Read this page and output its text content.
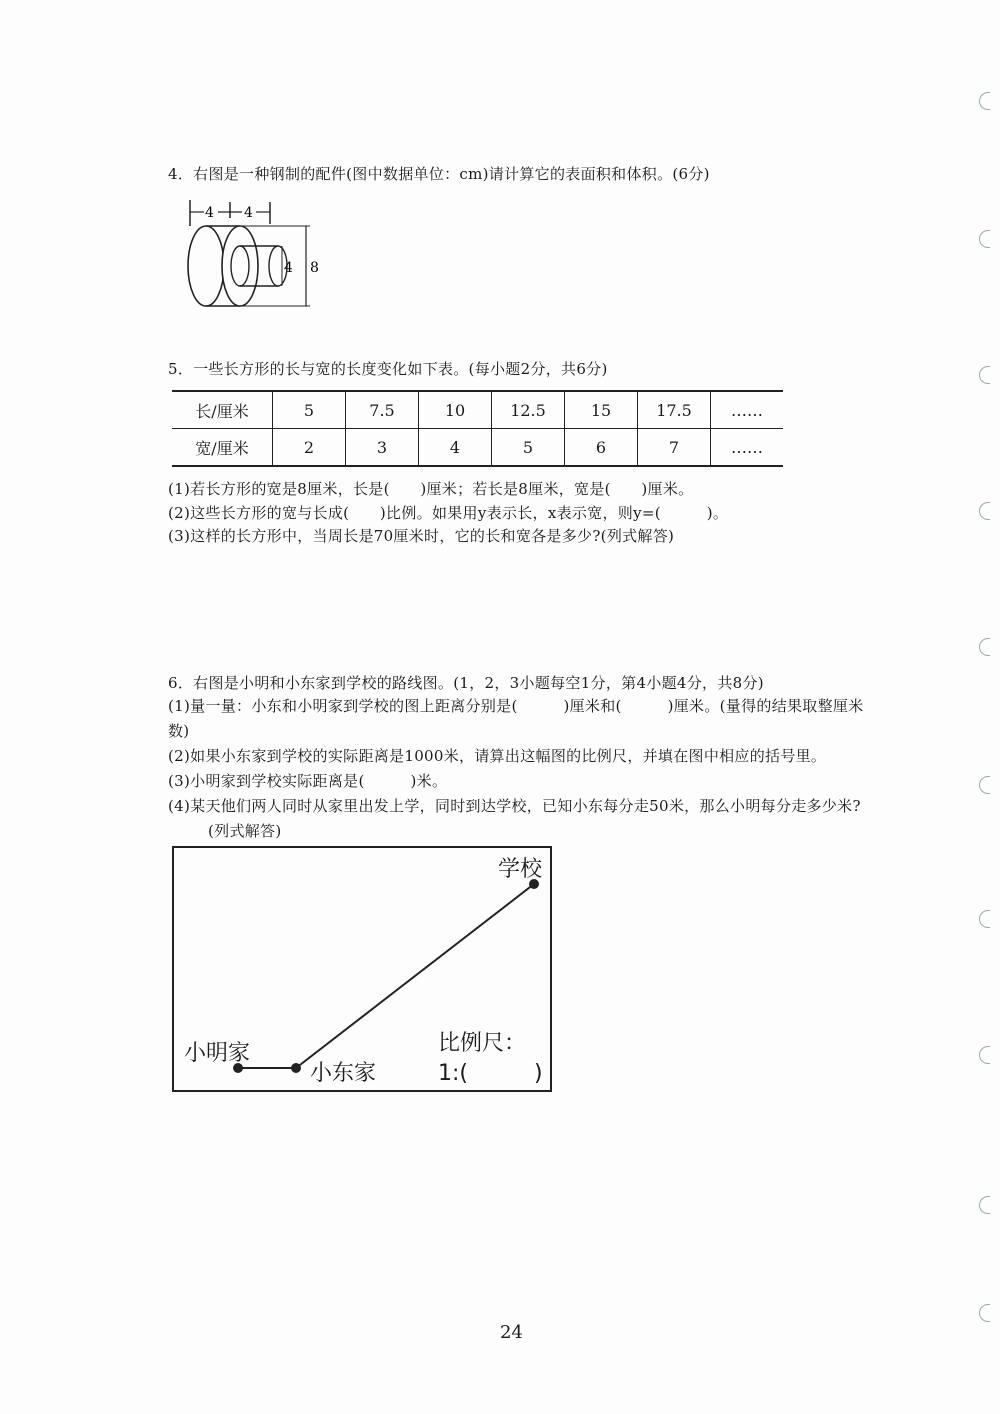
4．右图是一种钢制的配件(图中数据单位：cm)请计算它的表面积和体积。(6分)
4 4
4 8
5．一些长方形的长与宽的长度变化如下表。(每小题2分，共6分)
长/厘米	5	7.5	10	12.5	15	17.5	……
宽/厘米	2	3	4	5	6	7	……
(1)若长方形的宽是8厘米，长是(　　)厘米；若长是8厘米，宽是(　　)厘米。
(2)这些长方形的宽与长成(　　)比例。如果用y表示长，x表示宽，则y=(　　　)。
(3)这样的长方形中，当周长是70厘米时，它的长和宽各是多少?(列式解答)
6．右图是小明和小东家到学校的路线图。(1，2，3小题每空1分，第4小题4分，共8分)
(1)量一量：小东和小明家到学校的图上距离分别是(　　　)厘米和(　　　)厘米。(量得的结果取整厘米
数)
(2)如果小东家到学校的实际距离是1000米，请算出这幅图的比例尺，并填在图中相应的括号里。
(3)小明家到学校实际距离是(　　　)米。
(4)某天他们两人同时从家里出发上学，同时到达学校，已知小东每分走50米，那么小明每分走多少米?
(列式解答)
学校
小明家
小东家
比例尺：
1:(　　　)
24
